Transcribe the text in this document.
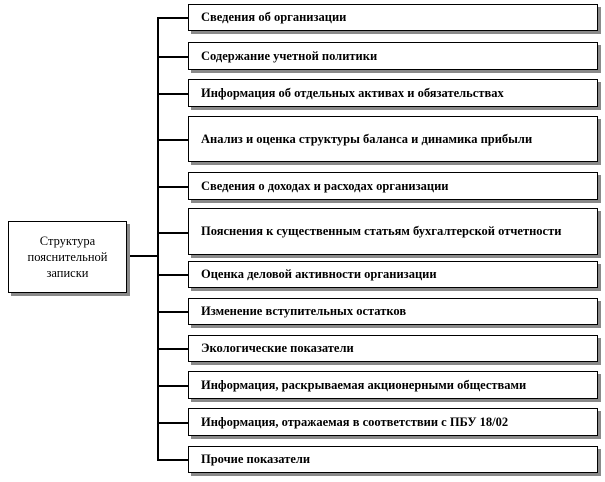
Структура пояснительной записки
Сведения об организации
Содержание учетной политики
Информация об отдельных активах и обязательствах
Анализ и оценка структуры баланса и динамика прибыли
Сведения о доходах и расходах организации
Пояснения к существенным статьям бухгалтерской отчетности
Оценка деловой активности организации
Изменение вступительных остатков
Экологические показатели
Информация, раскрываемая акционерными обществами
Информация, отражаемая в соответствии с ПБУ 18/02
Прочие показатели
